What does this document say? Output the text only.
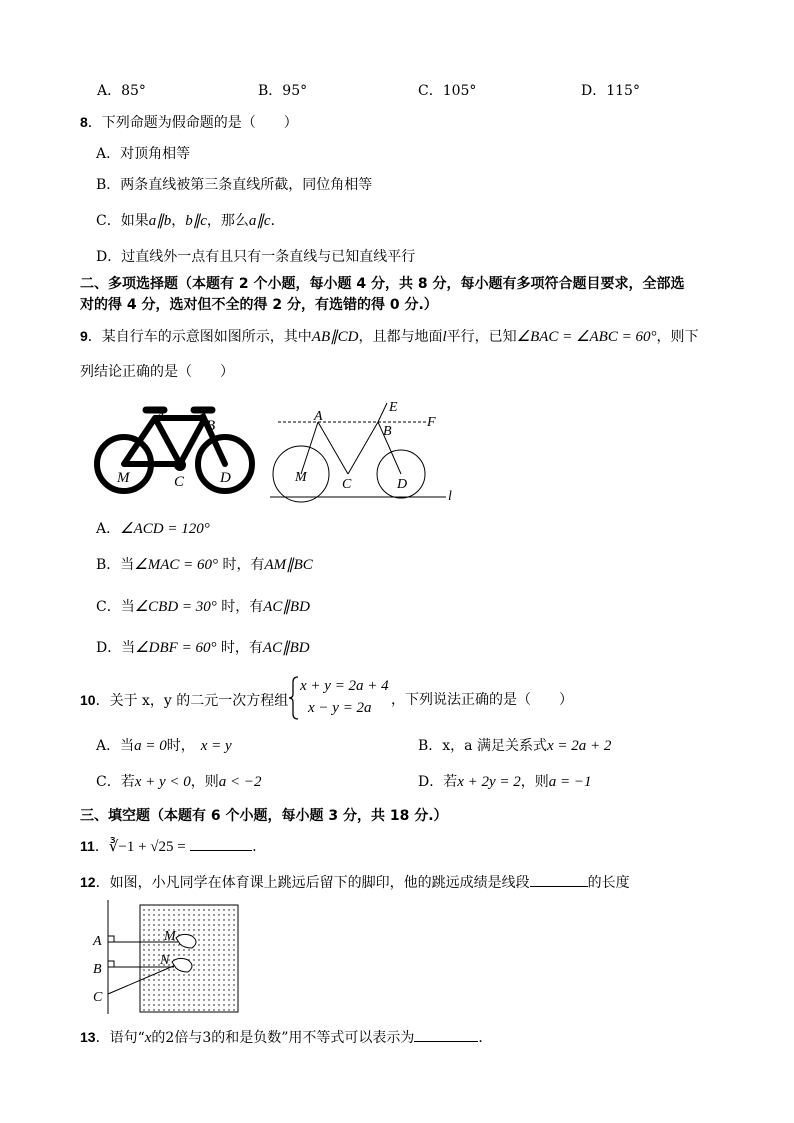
A．85°	B．95°	C．105°	D．115°
8．下列命题为假命题的是（　　）
A．对顶角相等
B．两条直线被第三条直线所截，同位角相等
C．如果a∥b，b∥c，那么a∥c．
D．过直线外一点有且只有一条直线与已知直线平行
二、多项选择题（本题有 2 个小题，每小题 4 分，共 8 分，每小题有多项符合题目要求，全部选
对的得 4 分，选对但不全的得 2 分，有选错的得 0 分.）
9．某自行车的示意图如图所示，其中AB∥CD，且都与地面l平行，已知∠BAC = ∠ABC = 60°，则下
列结论正确的是（　　）
A
B
M	C D
A
B
E
F
M	C	D
l
A．∠ACD = 120°
B．当∠MAC = 60° 时，有AM∥BC
C．当∠CBD = 30° 时，有AC∥BD
D．当∠DBF = 60° 时，有AC∥BD
10．关于 x，y 的二元一次方程组
x + y = 2a + 4
x − y = 2a ，下列说法正确的是（　　）
A．当a = 0时， x = y	B．x，a 满足关系式x = 2a + 2
C．若x + y < 0，则a < −2	D．若x + 2y = 2，则a = −1
三、填空题（本题有 6 个小题，每小题 3 分，共 18 分.）
11．∛−1 + √25 =	．
12．如图，小凡同学在体育课上跳远后留下的脚印，他的跳远成绩是线段	的长度
A
B
C
M
N
13．语句“x的2倍与3的和是负数”用不等式可以表示为	．
